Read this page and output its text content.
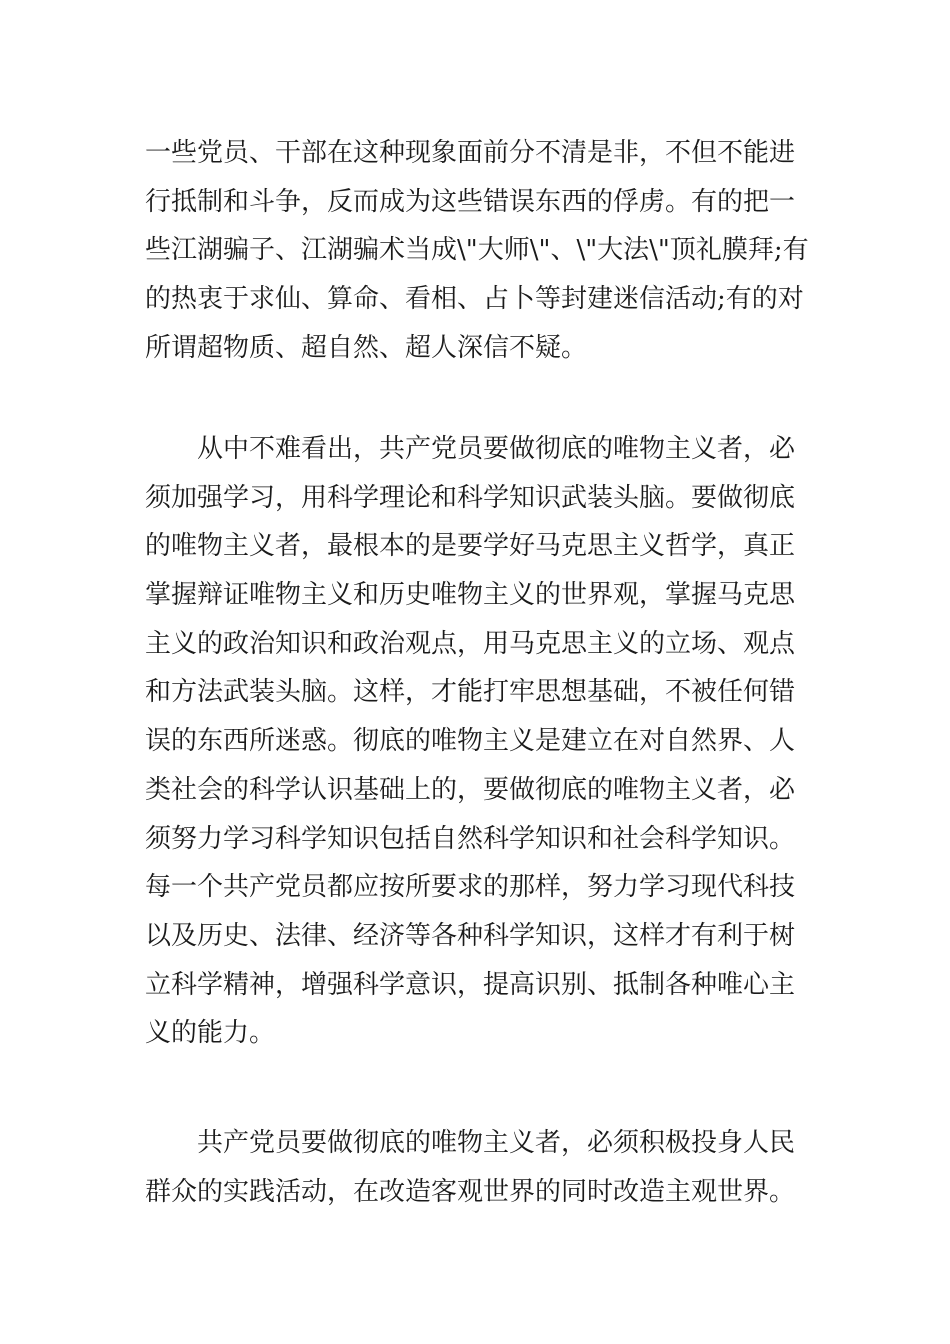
一些党员、干部在这种现象面前分不清是非，不但不能进
行抵制和斗争，反而成为这些错误东西的俘虏。有的把一
些江湖骗子、江湖骗术当成\"大师\"、\"大法\"顶礼膜拜;有
的热衷于求仙、算命、看相、占卜等封建迷信活动;有的对
所谓超物质、超自然、超人深信不疑。
　　从中不难看出，共产党员要做彻底的唯物主义者，必
须加强学习，用科学理论和科学知识武装头脑。要做彻底
的唯物主义者，最根本的是要学好马克思主义哲学，真正
掌握辩证唯物主义和历史唯物主义的世界观，掌握马克思
主义的政治知识和政治观点，用马克思主义的立场、观点
和方法武装头脑。这样，才能打牢思想基础，不被任何错
误的东西所迷惑。彻底的唯物主义是建立在对自然界、人
类社会的科学认识基础上的，要做彻底的唯物主义者，必
须努力学习科学知识包括自然科学知识和社会科学知识。
每一个共产党员都应按所要求的那样，努力学习现代科技
以及历史、法律、经济等各种科学知识，这样才有利于树
立科学精神，增强科学意识，提高识别、抵制各种唯心主
义的能力。
　　共产党员要做彻底的唯物主义者，必须积极投身人民
群众的实践活动，在改造客观世界的同时改造主观世界。
